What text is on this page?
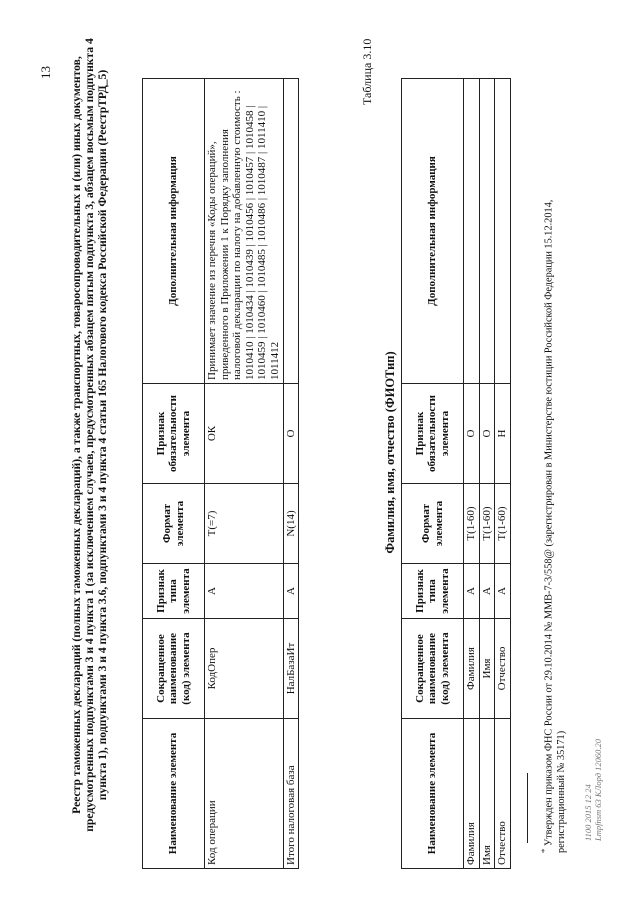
13 Реестр таможенных деклараций (полных таможенных деклараций), а также транспортных, товаросопроводительных и (или) иных документов, предусмотренных подпунктами 3 и 4 пункта 1 (за исключением случаев, предусмотренных абзацем пятым подпункта 3, абзацем восьмым подпункта 4 пункта 1), подпунктами 3 и 4 пункта 3.6, подпунктами 3 и 4 пункта 4 статьи 165 Налогового кодекса Российской Федерации (РеестрТРД_5)	Наименование элемента	Сокращенное наименование (код) элемента	Признак типа элемента	Формат элемента	Признак обязательности элемента	Дополнительная информация
Код операции	КодОпер	А	T(=7)	ОК	Принимает значение из перечня «Коды операций», приведенного в Приложении 1 к Порядку заполнения налоговой декларации по налогу на добавленную стоимость : 1010410 | 1010434 | 1010439 | 1010456 | 1010457 | 1010458 | 1010459 | 1010460 | 1010485 | 1010486 | 1010487 | 1011410 | 1011412
Итого налоговая база	НалБазаИт	А	N(14)	О	
Таблица 3.10
Фамилия, имя, отчество (ФИОТип)
Наименование элемента	Сокращенное наименование (код) элемента	Признак типа элемента	Формат элемента	Признак обязательности элемента	Дополнительная информация
Фамилия	Фамилия	А	T(1-60)	О	
Имя	Имя	А	T(1-60)	О	
Отчество	Отчество	А	T(1-60)	Н	
* Утвержден приказом ФНС России от 29.10.2014 № ММВ-7-3/558@ (зарегистрирован в Министерстве юстиции Российской Федерации 15.12.2014, регистрационный № 35171) 1100 2015 12 24 Lmpfnsm 63 КЛорд 12060.20
